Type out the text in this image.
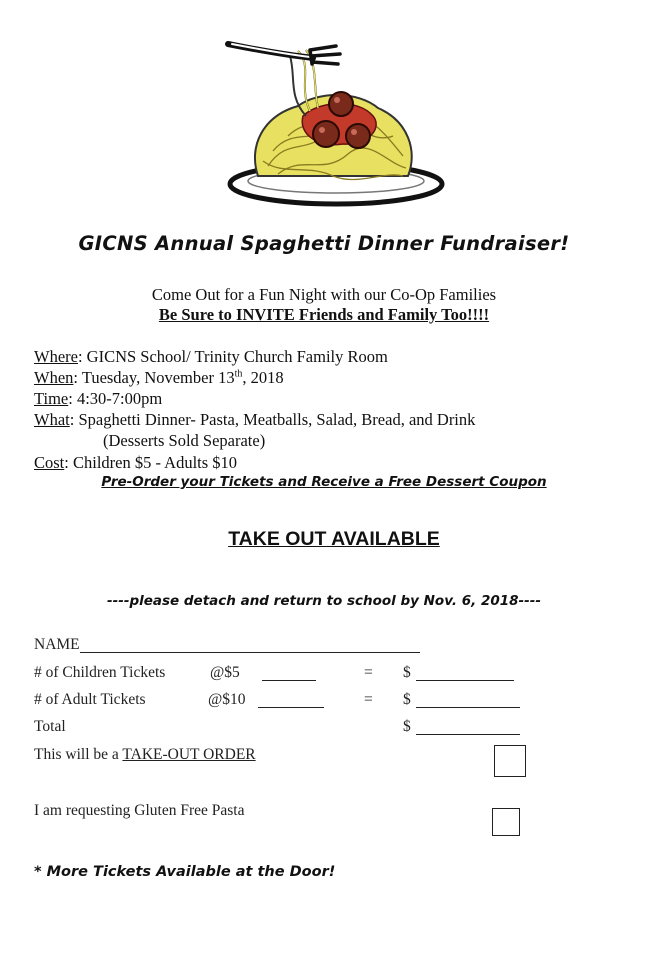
GICNS Annual Spaghetti Dinner Fundraiser!
Come Out for a Fun Night with our Co-Op Families
Be Sure to INVITE Friends and Family Too!!!!
Where: GICNS School/ Trinity Church Family Room
When: Tuesday, November 13th, 2018
Time: 4:30-7:00pm
What: Spaghetti Dinner- Pasta, Meatballs, Salad, Bread, and Drink
(Desserts Sold Separate)
Cost: Children $5 - Adults $10
Pre-Order your Tickets and Receive a Free Dessert Coupon
TAKE OUT AVAILABLE
----please detach and return to school by Nov. 6, 2018----
NAME
# of Children Tickets	@$5	= $
# of Adult Tickets	@$10	= $
Total	$
This will be a TAKE-OUT ORDER
I am requesting Gluten Free Pasta
* More Tickets Available at the Door!
